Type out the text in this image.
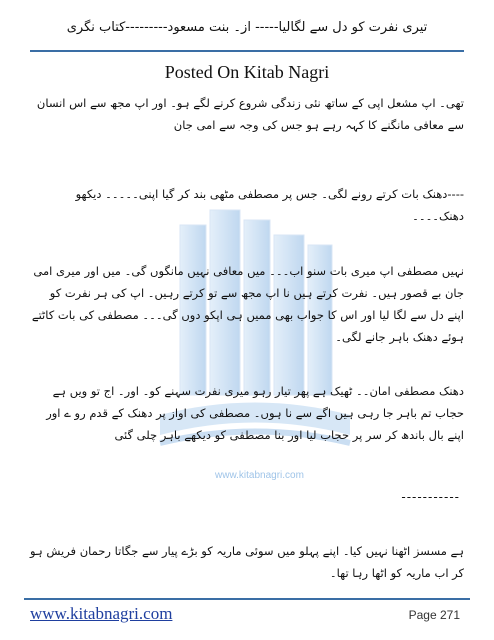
تیری نفرت کو دل سے لگالیا----- از۔ بنت مسعود---------کتاب نگری
Posted On Kitab Nagri
www.kitabnagri.com
تھی۔ اپ مشعل اپی کے ساتھ نئی زندگی شروع کرنے لگے ہو۔ اور اپ مجھ سے اس انسان سے معافی مانگنے کا کہہ رہے ہو جس کی وجہ سے امی جان
----دھنک بات کرتے رونے لگی۔ جس پر مصطفی مٹھی بند کر گیا اپنی۔۔۔۔۔ دیکھو دھنک۔۔۔۔
نہیں مصطفی اپ میری بات سنو اب۔۔۔ میں معافی نہیں مانگوں گی۔ میں اور میری امی جان بے قصور ہیں۔ نفرت کرتے ہیں نا اپ مجھ سے تو کرتے رہیں۔ اپ کی ہر نفرت کو اپنے دل سے لگا لیا اور اس کا جواب بھی ممیں ہی اپکو دوں گی۔۔۔ مصطفی کی بات کاٹتے ہوئے دھنک باہر جانے لگی۔
دھنک مصطفی امان۔۔ ٹھیک ہے پھر تیار رہو میری نفرت سہنے کو۔ اور۔ اج تو ویں ہے حجاب تم باہر جا رہی ہیں اگے سے نا ہوں۔ مصطفی کی اواز پر دھنک کے قدم رو ے اور اپنے بال باندھ کر سر پر حجاب لیا اور بنا مصطفی کو دیکھے باہر چلی گئی
-----------
ہے مسسز اٹھنا نہیں کیا۔ اپنے پہلو میں سوئی ماریہ کو بڑے پیار سے جگاتا رحمان فریش ہو کر اب ماریہ کو اٹھا رہا تھا۔
www.kitabnagri.com	Page 271
